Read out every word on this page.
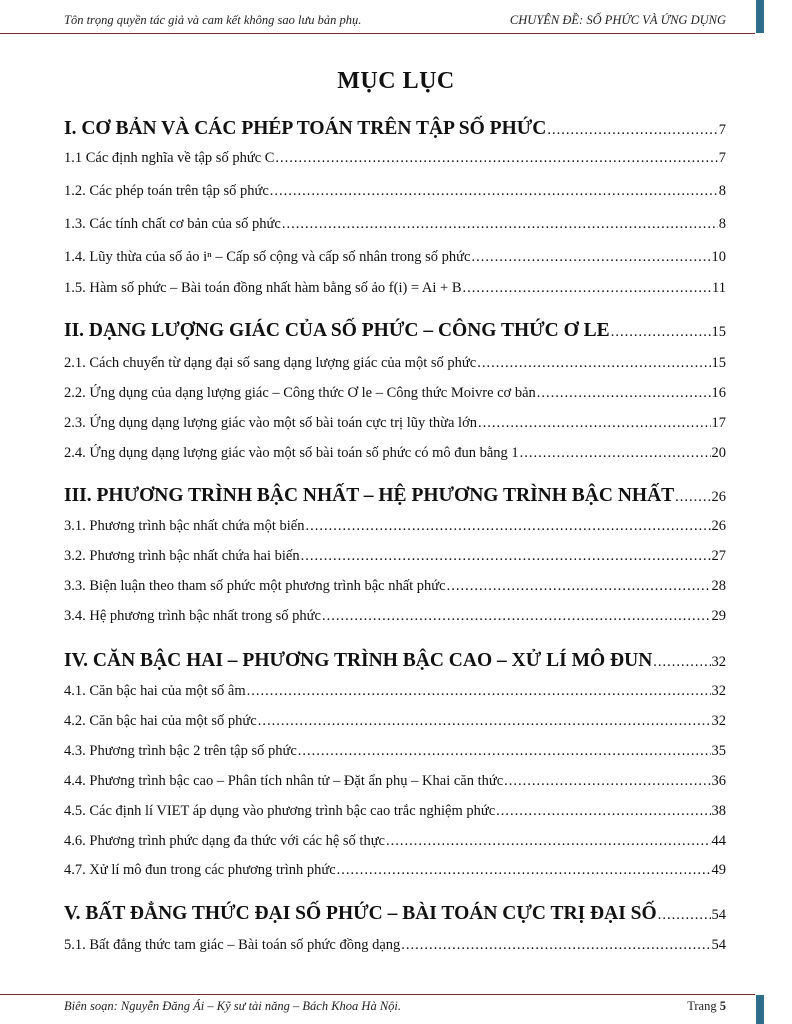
Tôn trọng quyền tác giả và cam kết không sao lưu bản phụ.	CHUYÊN ĐỀ: SỐ PHỨC VÀ ỨNG DỤNG
MỤC LỤC
I. CƠ BẢN VÀ CÁC PHÉP TOÁN TRÊN TẬP SỐ PHỨC .....	7
1.1 Các định nghĩa về tập số phức C .....	7
1.2. Các phép toán trên tập số phức .....	8
1.3. Các tính chất cơ bản của số phức .....	8
1.4. Lũy thừa của số ảo iⁿ – Cấp số cộng và cấp số nhân trong số phức .....	10
1.5. Hàm số phức – Bài toán đồng nhất hàm bằng số ảo f(i) = Ai + B .....	11
II. DẠNG LƯỢNG GIÁC CỦA SỐ PHỨC – CÔNG THỨC Ơ LE .....	15
2.1. Cách chuyển từ dạng đại số sang dạng lượng giác của một số phức .....	15
2.2. Ứng dụng của dạng lượng giác – Công thức Ơ le – Công thức Moivre cơ bản .....	16
2.3. Ứng dụng dạng lượng giác vào một số bài toán cực trị lũy thừa lớn .....	17
2.4. Ứng dụng dạng lượng giác vào một số bài toán số phức có mô đun bằng 1 .....	20
III. PHƯƠNG TRÌNH BẬC NHẤT – HỆ PHƯƠNG TRÌNH BẬC NHẤT .....	26
3.1. Phương trình bậc nhất chứa một biến .....	26
3.2. Phương trình bậc nhất chứa hai biến .....	27
3.3. Biện luận theo tham số phức một phương trình bậc nhất phức .....	28
3.4. Hệ phương trình bậc nhất trong số phức .....	29
IV. CĂN BẬC HAI – PHƯƠNG TRÌNH BẬC CAO – XỬ LÍ MÔ ĐUN .....	32
4.1. Căn bậc hai của một số âm .....	32
4.2. Căn bậc hai của một số phức .....	32
4.3. Phương trình bậc 2 trên tập số phức .....	35
4.4. Phương trình bậc cao – Phân tích nhân tử – Đặt ẩn phụ – Khai căn thức .....	36
4.5. Các định lí VIET áp dụng vào phương trình bậc cao trắc nghiệm phức .....	38
4.6. Phương trình phức dạng đa thức với các hệ số thực .....	44
4.7. Xử lí mô đun trong các phương trình phức .....	49
V. BẤT ĐẲNG THỨC ĐẠI SỐ PHỨC – BÀI TOÁN CỰC TRỊ ĐẠI SỐ .....	54
5.1. Bất đẳng thức tam giác – Bài toán số phức đồng dạng .....	54
Biên soạn: Nguyễn Đăng Ái – Kỹ sư tài năng – Bách Khoa Hà Nội.	Trang 5
